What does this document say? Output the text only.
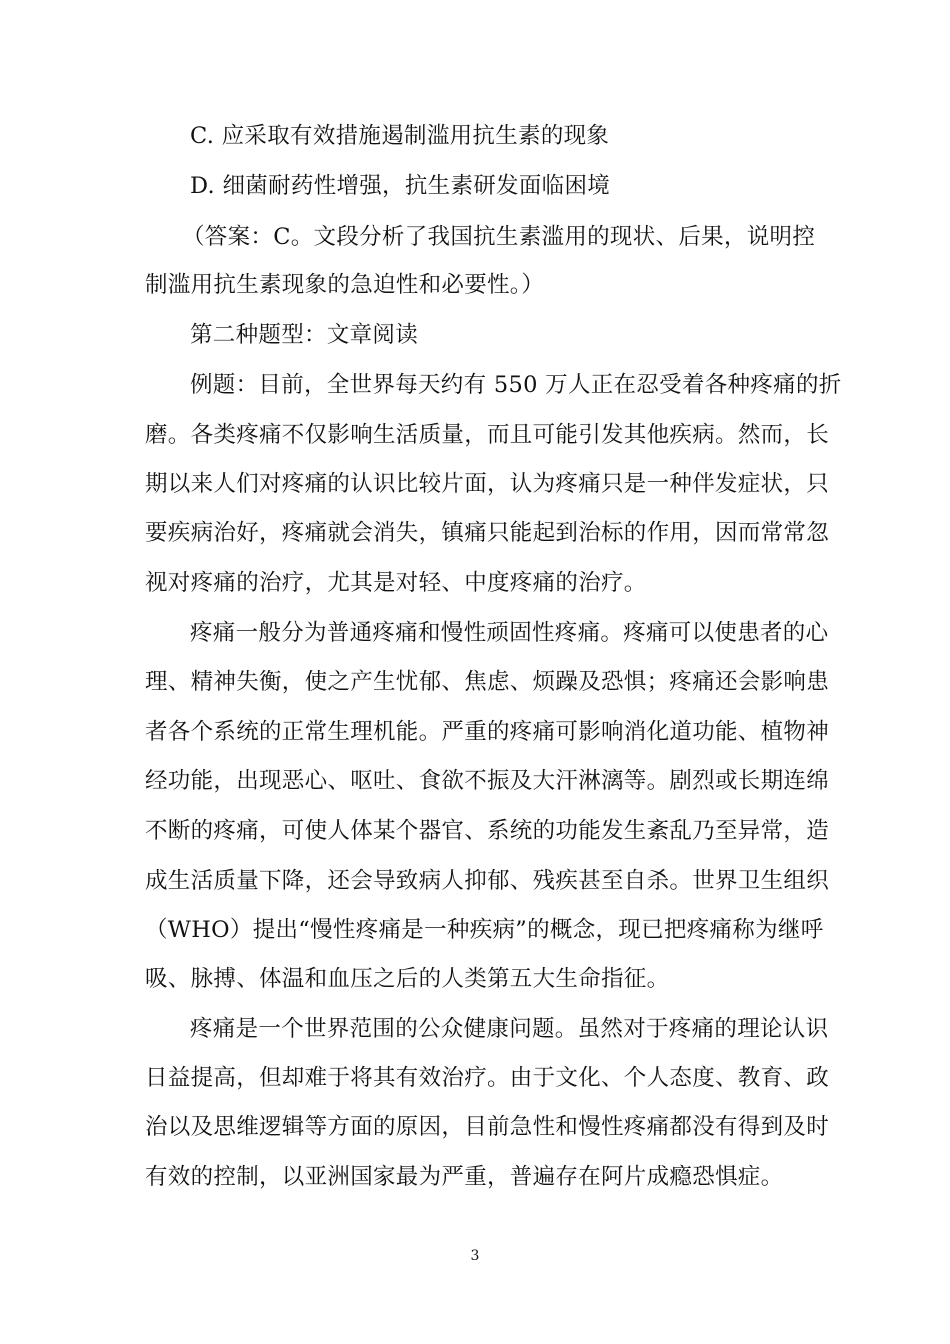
C. 应采取有效措施遏制滥用抗生素的现象
D. 细菌耐药性增强，抗生素研发面临困境
（答案：C。文段分析了我国抗生素滥用的现状、后果，说明控
制滥用抗生素现象的急迫性和必要性。）
第二种题型：文章阅读
例题：目前，全世界每天约有 550 万人正在忍受着各种疼痛的折
磨。各类疼痛不仅影响生活质量，而且可能引发其他疾病。然而，长
期以来人们对疼痛的认识比较片面，认为疼痛只是一种伴发症状，只
要疾病治好，疼痛就会消失，镇痛只能起到治标的作用，因而常常忽
视对疼痛的治疗，尤其是对轻、中度疼痛的治疗。
疼痛一般分为普通疼痛和慢性顽固性疼痛。疼痛可以使患者的心
理、精神失衡，使之产生忧郁、焦虑、烦躁及恐惧；疼痛还会影响患
者各个系统的正常生理机能。严重的疼痛可影响消化道功能、植物神
经功能，出现恶心、呕吐、食欲不振及大汗淋漓等。剧烈或长期连绵
不断的疼痛，可使人体某个器官、系统的功能发生紊乱乃至异常，造
成生活质量下降，还会导致病人抑郁、残疾甚至自杀。世界卫生组织
（WHO）提出“慢性疼痛是一种疾病”的概念，现已把疼痛称为继呼
吸、脉搏、体温和血压之后的人类第五大生命指征。
疼痛是一个世界范围的公众健康问题。虽然对于疼痛的理论认识
日益提高，但却难于将其有效治疗。由于文化、个人态度、教育、政
治以及思维逻辑等方面的原因，目前急性和慢性疼痛都没有得到及时
有效的控制，以亚洲国家最为严重，普遍存在阿片成瘾恐惧症。
3
